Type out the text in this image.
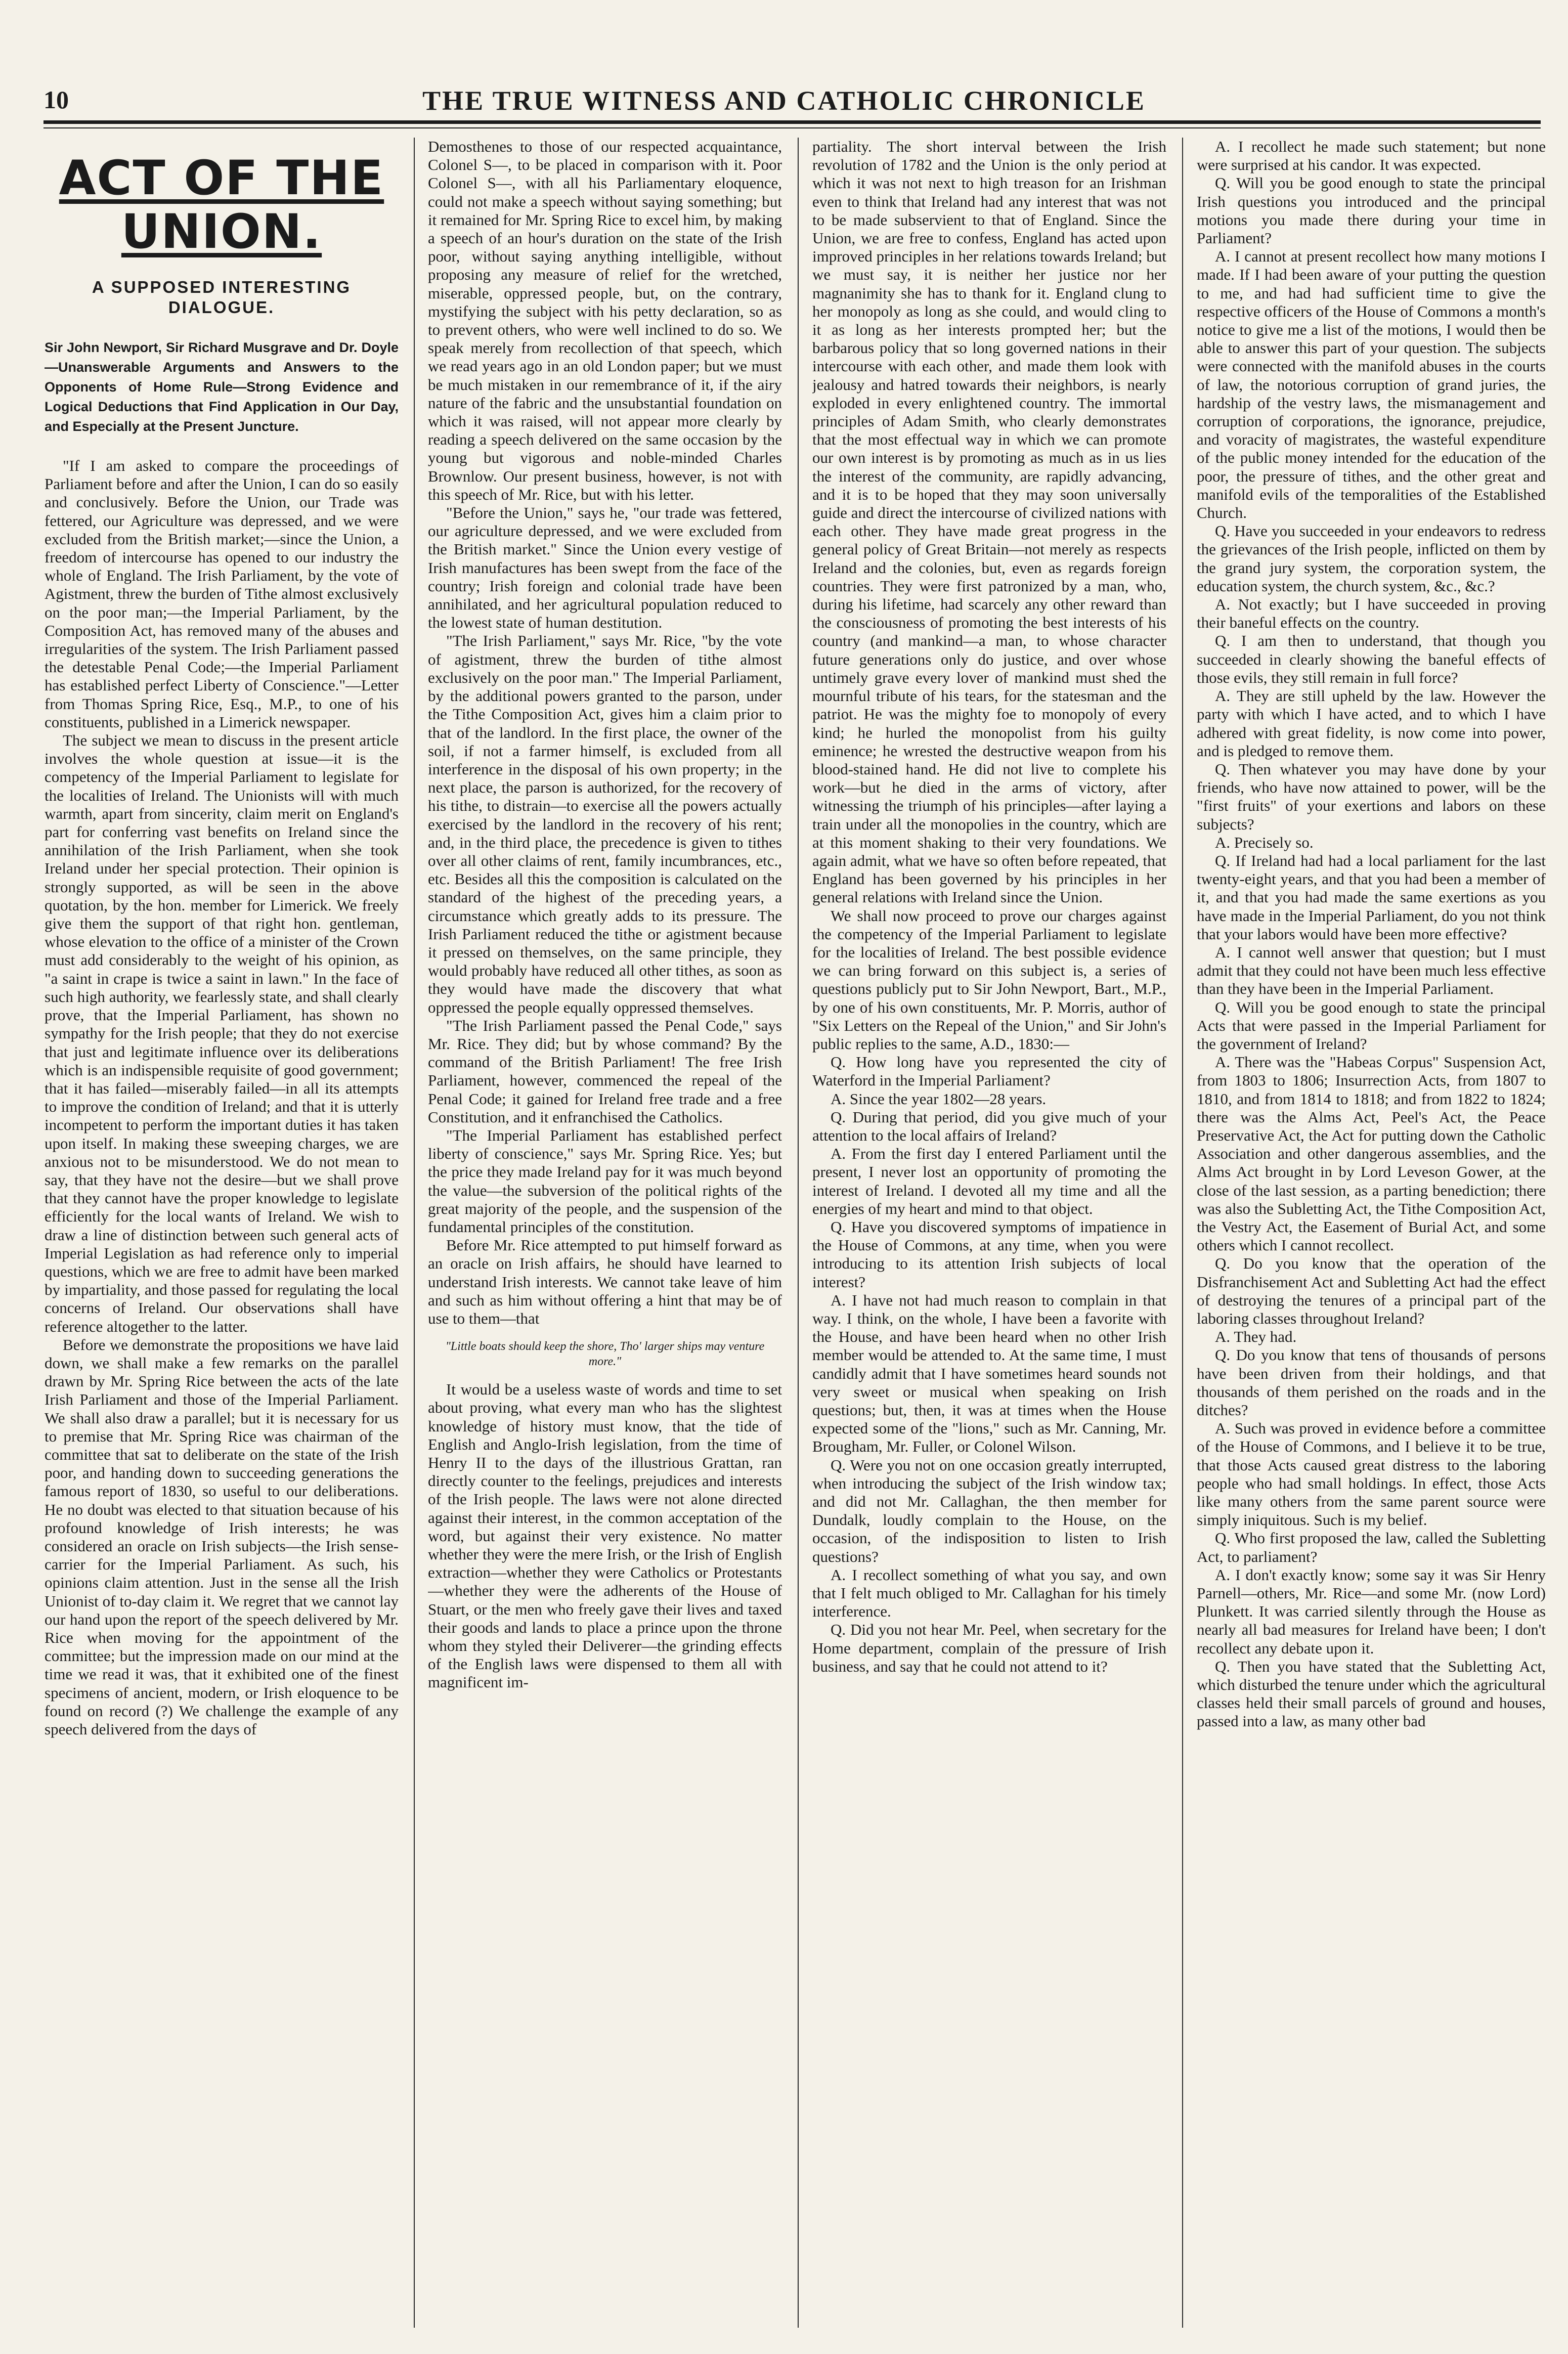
10	THE TRUE WITNESS AND CATHOLIC CHRONICLE
ACT OF THE UNION.
A SUPPOSED INTERESTING DIALOGUE.
Sir John Newport, Sir Richard Musgrave and Dr. Doyle—Unanswerable Arguments and Answers to the Opponents of Home Rule—Strong Evidence and Logical Deductions that Find Application in Our Day, and Especially at the Present Juncture.

"If I am asked to compare the proceedings of Parliament before and after the Union, I can do so easily and conclusively. Before the Union, our Trade was fettered, our Agriculture was depressed, and we were excluded from the British market;—since the Union, a freedom of intercourse has opened to our industry the whole of England. The Irish Parliament, by the vote of Agistment, threw the burden of Tithe almost exclusively on the poor man;—the Imperial Parliament, by the Composition Act, has removed many of the abuses and irregularities of the system. The Irish Parliament passed the detestable Penal Code;—the Imperial Parliament has established perfect Liberty of Conscience."—Letter from Thomas Spring Rice, Esq., M.P., to one of his constituents, published in a Limerick newspaper.

The subject we mean to discuss in the present article involves the whole question at issue—it is the competency of the Imperial Parliament to legislate for the localities of Ireland. The Unionists will with much warmth, apart from sincerity, claim merit on England's part for conferring vast benefits on Ireland since the annihilation of the Irish Parliament, when she took Ireland under her special protection. Their opinion is strongly supported, as will be seen in the above quotation, by the hon. member for Limerick. We freely give them the support of that right hon. gentleman, whose elevation to the office of a minister of the Crown must add considerably to the weight of his opinion, as "a saint in crape is twice a saint in lawn." In the face of such high authority, we fearlessly state, and shall clearly prove, that the Imperial Parliament, has shown no sympathy for the Irish people; that they do not exercise that just and legitimate influence over its deliberations which is an indispensible requisite of good government; that it has failed—miserably failed—in all its attempts to improve the condition of Ireland; and that it is utterly incompetent to perform the important duties it has taken upon itself. In making these sweeping charges, we are anxious not to be misunderstood. We do not mean to say, that they have not the desire—but we shall prove that they cannot have the proper knowledge to legislate efficiently for the local wants of Ireland. We wish to draw a line of distinction between such general acts of Imperial Legislation as had reference only to imperial questions, which we are free to admit have been marked by impartiality, and those passed for regulating the local concerns of Ireland. Our observations shall have reference altogether to the latter.

Before we demonstrate the propositions we have laid down, we shall make a few remarks on the parallel drawn by Mr. Spring Rice between the acts of the late Irish Parliament and those of the Imperial Parliament. We shall also draw a parallel; but it is necessary for us to premise that Mr. Spring Rice was chairman of the committee that sat to deliberate on the state of the Irish poor, and handing down to succeeding generations the famous report of 1830, so useful to our deliberations. He no doubt was elected to that situation because of his profound knowledge of Irish interests; he was considered an oracle on Irish subjects—the Irish sense-carrier for the Imperial Parliament. As such, his opinions claim attention. Just in the sense all the Irish Unionist of to-day claim it. We regret that we cannot lay our hand upon the report of the speech delivered by Mr. Rice when moving for the appointment of the committee; but the impression made on our mind at the time we read it was, that it exhibited one of the finest specimens of ancient, modern, or Irish eloquence to be found on record (?) We challenge the example of any speech delivered from the days of

Demosthenes to those of our respected acquaintance, Colonel S—, to be placed in comparison with it. Poor Colonel S—, with all his Parliamentary eloquence, could not make a speech without saying something; but it remained for Mr. Spring Rice to excel him, by making a speech of an hour's duration on the state of the Irish poor, without saying anything intelligible, without proposing any measure of relief for the wretched, miserable, oppressed people, but, on the contrary, mystifying the subject with his petty declaration, so as to prevent others, who were well inclined to do so. We speak merely from recollection of that speech, which we read years ago in an old London paper; but we must be much mistaken in our remembrance of it, if the airy nature of the fabric and the unsubstantial foundation on which it was raised, will not appear more clearly by reading a speech delivered on the same occasion by the young but vigorous and noble-minded Charles Brownlow. Our present business, however, is not with this speech of Mr. Rice, but with his letter.

"Before the Union," says he, "our trade was fettered, our agriculture depressed, and we were excluded from the British market." Since the Union every vestige of Irish manufactures has been swept from the face of the country; Irish foreign and colonial trade have been annihilated, and her agricultural population reduced to the lowest state of human destitution.

"The Irish Parliament," says Mr. Rice, "by the vote of agistment, threw the burden of tithe almost exclusively on the poor man." The Imperial Parliament, by the additional powers granted to the parson, under the Tithe Composition Act, gives him a claim prior to that of the landlord. In the first place, the owner of the soil, if not a farmer himself, is excluded from all interference in the disposal of his own property; in the next place, the parson is authorized, for the recovery of his tithe, to distrain—to exercise all the powers actually exercised by the landlord in the recovery of his rent; and, in the third place, the precedence is given to tithes over all other claims of rent, family incumbrances, etc., etc. Besides all this the composition is calculated on the standard of the highest of the preceding years, a circumstance which greatly adds to its pressure. The Irish Parliament reduced the tithe or agistment because it pressed on themselves, on the same principle, they would probably have reduced all other tithes, as soon as they would have made the discovery that what oppressed the people equally oppressed themselves.

"The Irish Parliament passed the Penal Code," says Mr. Rice. They did; but by whose command? By the command of the British Parliament! The free Irish Parliament, however, commenced the repeal of the Penal Code; it gained for Ireland free trade and a free Constitution, and it enfranchised the Catholics.

"The Imperial Parliament has established perfect liberty of conscience," says Mr. Spring Rice. Yes; but the price they made Ireland pay for it was much beyond the value—the subversion of the political rights of the great majority of the people, and the suspension of the fundamental principles of the constitution.

Before Mr. Rice attempted to put himself forward as an oracle on Irish affairs, he should have learned to understand Irish interests. We cannot take leave of him and such as him without offering a hint that may be of use to them—that

"Little boats should keep the shore, Tho' larger ships may venture more."

It would be a useless waste of words and time to set about proving, what every man who has the slightest knowledge of history must know, that the tide of English and Anglo-Irish legislation, from the time of Henry II to the days of the illustrious Grattan, ran directly counter to the feelings, prejudices and interests of the Irish people. The laws were not alone directed against their interest, in the common acceptation of the word, but against their very existence. No matter whether they were the mere Irish, or the Irish of English extraction—whether they were Catholics or Protestants—whether they were the adherents of the House of Stuart, or the men who freely gave their lives and taxed their goods and lands to place a prince upon the throne whom they styled their Deliverer—the grinding effects of the English laws were dispensed to them all with magnificent im-

partiality. The short interval between the Irish revolution of 1782 and the Union is the only period at which it was not next to high treason for an Irishman even to think that Ireland had any interest that was not to be made subservient to that of England. Since the Union, we are free to confess, England has acted upon improved principles in her relations towards Ireland; but we must say, it is neither her justice nor her magnanimity she has to thank for it. England clung to her monopoly as long as she could, and would cling to it as long as her interests prompted her; but the barbarous policy that so long governed nations in their intercourse with each other, and made them look with jealousy and hatred towards their neighbors, is nearly exploded in every enlightened country. The immortal principles of Adam Smith, who clearly demonstrates that the most effectual way in which we can promote our own interest is by promoting as much as in us lies the interest of the community, are rapidly advancing, and it is to be hoped that they may soon universally guide and direct the intercourse of civilized nations with each other. They have made great progress in the general policy of Great Britain—not merely as respects Ireland and the colonies, but, even as regards foreign countries. They were first patronized by a man, who, during his lifetime, had scarcely any other reward than the consciousness of promoting the best interests of his country (and mankind—a man, to whose character future generations only do justice, and over whose untimely grave every lover of mankind must shed the mournful tribute of his tears, for the statesman and the patriot. He was the mighty foe to monopoly of every kind; he hurled the monopolist from his guilty eminence; he wrested the destructive weapon from his blood-stained hand. He did not live to complete his work—but he died in the arms of victory, after witnessing the triumph of his principles—after laying a train under all the monopolies in the country, which are at this moment shaking to their very foundations. We again admit, what we have so often before repeated, that England has been governed by his principles in her general relations with Ireland since the Union.

We shall now proceed to prove our charges against the competency of the Imperial Parliament to legislate for the localities of Ireland. The best possible evidence we can bring forward on this subject is, a series of questions publicly put to Sir John Newport, Bart., M.P., by one of his own constituents, Mr. P. Morris, author of "Six Letters on the Repeal of the Union," and Sir John's public replies to the same, A.D., 1830:—

Q. How long have you represented the city of Waterford in the Imperial Parliament?

A. Since the year 1802—28 years.

Q. During that period, did you give much of your attention to the local affairs of Ireland?

A. From the first day I entered Parliament until the present, I never lost an opportunity of promoting the interest of Ireland. I devoted all my time and all the energies of my heart and mind to that object.

Q. Have you discovered symptoms of impatience in the House of Commons, at any time, when you were introducing to its attention Irish subjects of local interest?

A. I have not had much reason to complain in that way. I think, on the whole, I have been a favorite with the House, and have been heard when no other Irish member would be attended to. At the same time, I must candidly admit that I have sometimes heard sounds not very sweet or musical when speaking on Irish questions; but, then, it was at times when the House expected some of the "lions," such as Mr. Canning, Mr. Brougham, Mr. Fuller, or Colonel Wilson.

Q. Were you not on one occasion greatly interrupted, when introducing the subject of the Irish window tax; and did not Mr. Callaghan, the then member for Dundalk, loudly complain to the House, on the occasion, of the indisposition to listen to Irish questions?

A. I recollect something of what you say, and own that I felt much obliged to Mr. Callaghan for his timely interference.

Q. Did you not hear Mr. Peel, when secretary for the Home department, complain of the pressure of Irish business, and say that he could not attend to it?

A. I recollect he made such statement; but none were surprised at his candor. It was expected.

Q. Will you be good enough to state the principal Irish questions you introduced and the principal motions you made there during your time in Parliament?

A. I cannot at present recollect how many motions I made. If I had been aware of your putting the question to me, and had had sufficient time to give the respective officers of the House of Commons a month's notice to give me a list of the motions, I would then be able to answer this part of your question. The subjects were connected with the manifold abuses in the courts of law, the notorious corruption of grand juries, the hardship of the vestry laws, the mismanagement and corruption of corporations, the ignorance, prejudice, and voracity of magistrates, the wasteful expenditure of the public money intended for the education of the poor, the pressure of tithes, and the other great and manifold evils of the temporalities of the Established Church.

Q. Have you succeeded in your endeavors to redress the grievances of the Irish people, inflicted on them by the grand jury system, the corporation system, the education system, the church system, &c., &c.?

A. Not exactly; but I have succeeded in proving their baneful effects on the country.

Q. I am then to understand, that though you succeeded in clearly showing the baneful effects of those evils, they still remain in full force?

A. They are still upheld by the law. However the party with which I have acted, and to which I have adhered with great fidelity, is now come into power, and is pledged to remove them.

Q. Then whatever you may have done by your friends, who have now attained to power, will be the "first fruits" of your exertions and labors on these subjects?

A. Precisely so.

Q. If Ireland had had a local parliament for the last twenty-eight years, and that you had been a member of it, and that you had made the same exertions as you have made in the Imperial Parliament, do you not think that your labors would have been more effective?

A. I cannot well answer that question; but I must admit that they could not have been much less effective than they have been in the Imperial Parliament.

Q. Will you be good enough to state the principal Acts that were passed in the Imperial Parliament for the government of Ireland?

A. There was the "Habeas Corpus" Suspension Act, from 1803 to 1806; Insurrection Acts, from 1807 to 1810, and from 1814 to 1818; and from 1822 to 1824; there was the Alms Act, Peel's Act, the Peace Preservative Act, the Act for putting down the Catholic Association and other dangerous assemblies, and the Alms Act brought in by Lord Leveson Gower, at the close of the last session, as a parting benediction; there was also the Subletting Act, the Tithe Composition Act, the Vestry Act, the Easement of Burial Act, and some others which I cannot recollect.

Q. Do you know that the operation of the Disfranchisement Act and Subletting Act had the effect of destroying the tenures of a principal part of the laboring classes throughout Ireland?

A. They had.

Q. Do you know that tens of thousands of persons have been driven from their holdings, and that thousands of them perished on the roads and in the ditches?

A. Such was proved in evidence before a committee of the House of Commons, and I believe it to be true, that those Acts caused great distress to the laboring people who had small holdings. In effect, those Acts like many others from the same parent source were simply iniquitous. Such is my belief.

Q. Who first proposed the law, called the Subletting Act, to parliament?

A. I don't exactly know; some say it was Sir Henry Parnell—others, Mr. Rice—and some Mr. (now Lord) Plunkett. It was carried silently through the House as nearly all bad measures for Ireland have been; I don't recollect any debate upon it.

Q. Then you have stated that the Subletting Act, which disturbed the tenure under which the agricultural classes held their small parcels of ground and houses, passed into a law, as many other bad
